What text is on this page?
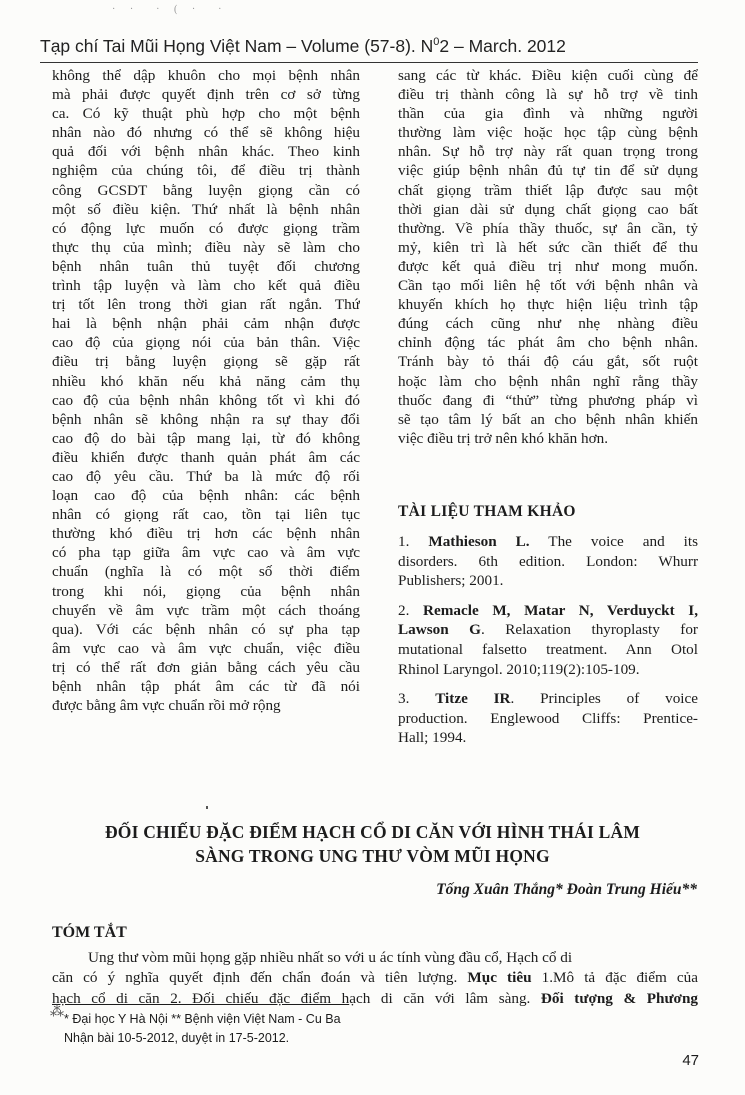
· ·  · ( ·  ·
Tạp chí Tai Mũi Họng Việt Nam – Volume (57-8). $N^02$ – March. 2012
không thể dập khuôn cho mọi bệnh nhân
mà phải được quyết định trên cơ sở từng
ca. Có kỹ thuật phù hợp cho một bệnh
nhân nào đó nhưng có thể sẽ không hiệu
quả đối với bệnh nhân khác. Theo kinh
nghiệm của chúng tôi, để điều trị thành
công GCSDT bằng luyện giọng cần có
một số điều kiện. Thứ nhất là bệnh nhân
có động lực muốn có được giọng trầm
thực thụ của mình; điều này sẽ làm cho
bệnh nhân tuân thủ tuyệt đối chương
trình tập luyện và làm cho kết quả điều
trị tốt lên trong thời gian rất ngắn. Thứ
hai là bệnh nhận phải cảm nhận được
cao độ của giọng nói của bản thân. Việc
điều trị bằng luyện giọng sẽ gặp rất
nhiều khó khăn nếu khả năng cảm thụ
cao độ của bệnh nhân không tốt vì khi đó
bệnh nhân sẽ không nhận ra sự thay đổi
cao độ do bài tập mang lại, từ đó không
điều khiển được thanh quản phát âm các
cao độ yêu cầu. Thứ ba là mức độ rối
loạn cao độ của bệnh nhân: các bệnh
nhân có giọng rất cao, tồn tại liên tục
thường khó điều trị hơn các bệnh nhân
có pha tạp giữa âm vực cao và âm vực
chuẩn (nghĩa là có một số thời điểm
trong khi nói, giọng của bệnh nhân
chuyển về âm vực trầm một cách thoáng
qua). Với các bệnh nhân có sự pha tạp
âm vực cao và âm vực chuẩn, việc điều
trị có thể rất đơn giản bằng cách yêu cầu
bệnh nhân tập phát âm các từ đã nói
được bằng âm vực chuẩn rồi mở rộng
sang các từ khác. Điều kiện cuối cùng để
điều trị thành công là sự hỗ trợ về tinh
thần của gia đình và những người
thường làm việc hoặc học tập cùng bệnh
nhân. Sự hỗ trợ này rất quan trọng trong
việc giúp bệnh nhân đủ tự tin để sử dụng
chất giọng trầm thiết lập được sau một
thời gian dài sử dụng chất giọng cao bất
thường. Về phía thầy thuốc, sự ân cần, tỷ
mỷ, kiên trì là hết sức cần thiết để thu
được kết quả điều trị như mong muốn.
Cần tạo mối liên hệ tốt với bệnh nhân và
khuyến khích họ thực hiện liệu trình tập
đúng cách cũng như nhẹ nhàng điều
chỉnh động tác phát âm cho bệnh nhân.
Tránh bày tỏ thái độ cáu gắt, sốt ruột
hoặc làm cho bệnh nhân nghĩ rằng thầy
thuốc đang đi “thử” từng phương pháp vì
sẽ tạo tâm lý bất an cho bệnh nhân khiến
việc điều trị trở nên khó khăn hơn.
TÀI LIỆU THAM KHẢO
1. Mathieson L. The voice and its
disorders. 6th edition. London: Whurr
Publishers; 2001.
2. Remacle M, Matar N, Verduyckt I,
Lawson G. Relaxation thyroplasty for
mutational falsetto treatment. Ann Otol
Rhinol Laryngol. 2010;119(2):105-109.
3. Titze IR. Principles of voice
production. Englewood Cliffs: Prentice-
Hall; 1994.
ĐỐI CHIẾU ĐẶC ĐIỂM HẠCH CỔ DI CĂN VỚI HÌNH THÁI LÂM
SÀNG TRONG UNG THƯ VÒM MŨI HỌNG
Tống Xuân Thắng* Đoàn Trung Hiếu**
TÓM TẮT
Ung thư vòm mũi họng gặp nhiều nhất so với u ác tính vùng đầu cổ, Hạch cổ di
căn có ý nghĩa quyết định đến chẩn đoán và tiên lượng. Mục tiêu 1.Mô tả đặc điểm của
hạch cổ di căn 2. Đối chiếu đặc điểm hạch di căn với lâm sàng. Đối tượng & Phương
⁂ * Đại học Y Hà Nội ** Bệnh viện Việt Nam - Cu Ba
Nhận bài 10-5-2012, duyệt in 17-5-2012.
47
